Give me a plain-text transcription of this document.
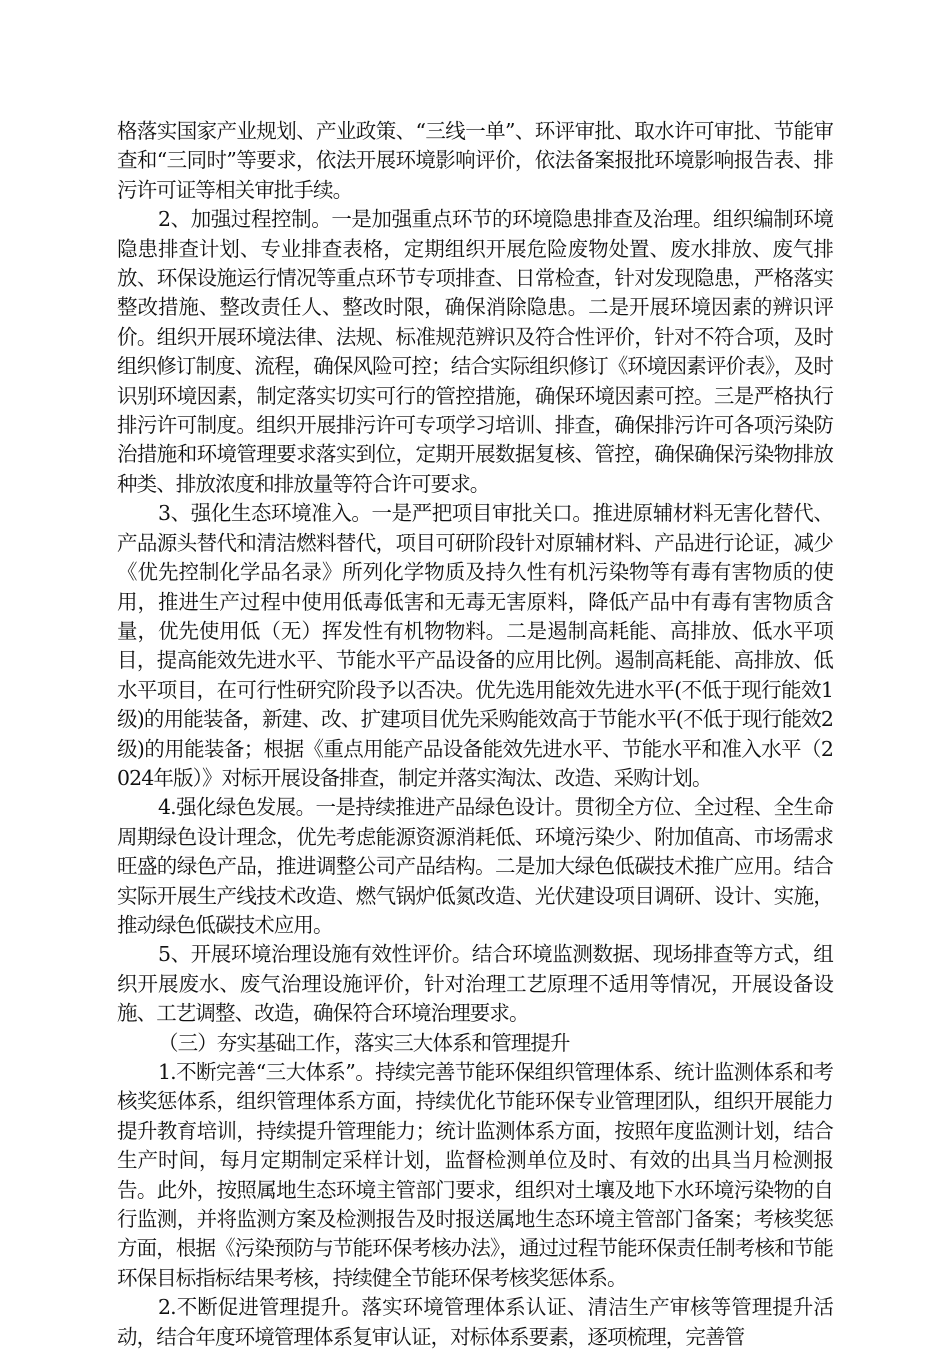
格落实国家产业规划、产业政策、“三线一单”、环评审批、取水许可审批、节能审查和“三同时”等要求，依法开展环境影响评价，依法备案报批环境影响报告表、排污许可证等相关审批手续。

2、加强过程控制。一是加强重点环节的环境隐患排查及治理。组织编制环境隐患排查计划、专业排查表格，定期组织开展危险废物处置、废水排放、废气排放、环保设施运行情况等重点环节专项排查、日常检查，针对发现隐患，严格落实整改措施、整改责任人、整改时限，确保消除隐患。二是开展环境因素的辨识评价。组织开展环境法律、法规、标准规范辨识及符合性评价，针对不符合项，及时组织修订制度、流程，确保风险可控；结合实际组织修订《环境因素评价表》，及时识别环境因素，制定落实切实可行的管控措施，确保环境因素可控。三是严格执行排污许可制度。组织开展排污许可专项学习培训、排查，确保排污许可各项污染防治措施和环境管理要求落实到位，定期开展数据复核、管控，确保确保污染物排放种类、排放浓度和排放量等符合许可要求。

3、强化生态环境准入。一是严把项目审批关口。推进原辅材料无害化替代、产品源头替代和清洁燃料替代，项目可研阶段针对原辅材料、产品进行论证，减少《优先控制化学品名录》所列化学物质及持久性有机污染物等有毒有害物质的使用，推进生产过程中使用低毒低害和无毒无害原料，降低产品中有毒有害物质含量，优先使用低（无）挥发性有机物物料。二是遏制高耗能、高排放、低水平项目，提高能效先进水平、节能水平产品设备的应用比例。遏制高耗能、高排放、低水平项目，在可行性研究阶段予以否决。优先选用能效先进水平(不低于现行能效1级)的用能装备，新建、改、扩建项目优先采购能效高于节能水平(不低于现行能效2级)的用能装备；根据《重点用能产品设备能效先进水平、节能水平和准入水平（2024年版）》对标开展设备排查，制定并落实淘汰、改造、采购计划。

4.强化绿色发展。一是持续推进产品绿色设计。贯彻全方位、全过程、全生命周期绿色设计理念，优先考虑能源资源消耗低、环境污染少、附加值高、市场需求旺盛的绿色产品，推进调整公司产品结构。二是加大绿色低碳技术推广应用。结合实际开展生产线技术改造、燃气锅炉低氮改造、光伏建设项目调研、设计、实施，推动绿色低碳技术应用。

5、开展环境治理设施有效性评价。结合环境监测数据、现场排查等方式，组织开展废水、废气治理设施评价，针对治理工艺原理不适用等情况，开展设备设施、工艺调整、改造，确保符合环境治理要求。

（三）夯实基础工作，落实三大体系和管理提升

1.不断完善“三大体系”。持续完善节能环保组织管理体系、统计监测体系和考核奖惩体系，组织管理体系方面，持续优化节能环保专业管理团队，组织开展能力提升教育培训，持续提升管理能力；统计监测体系方面，按照年度监测计划，结合生产时间，每月定期制定采样计划，监督检测单位及时、有效的出具当月检测报告。此外，按照属地生态环境主管部门要求，组织对土壤及地下水环境污染物的自行监测，并将监测方案及检测报告及时报送属地生态环境主管部门备案；考核奖惩方面，根据《污染预防与节能环保考核办法》，通过过程节能环保责任制考核和节能环保目标指标结果考核，持续健全节能环保考核奖惩体系。

2.不断促进管理提升。落实环境管理体系认证、清洁生产审核等管理提升活动，结合年度环境管理体系复审认证，对标体系要素，逐项梳理，完善管
